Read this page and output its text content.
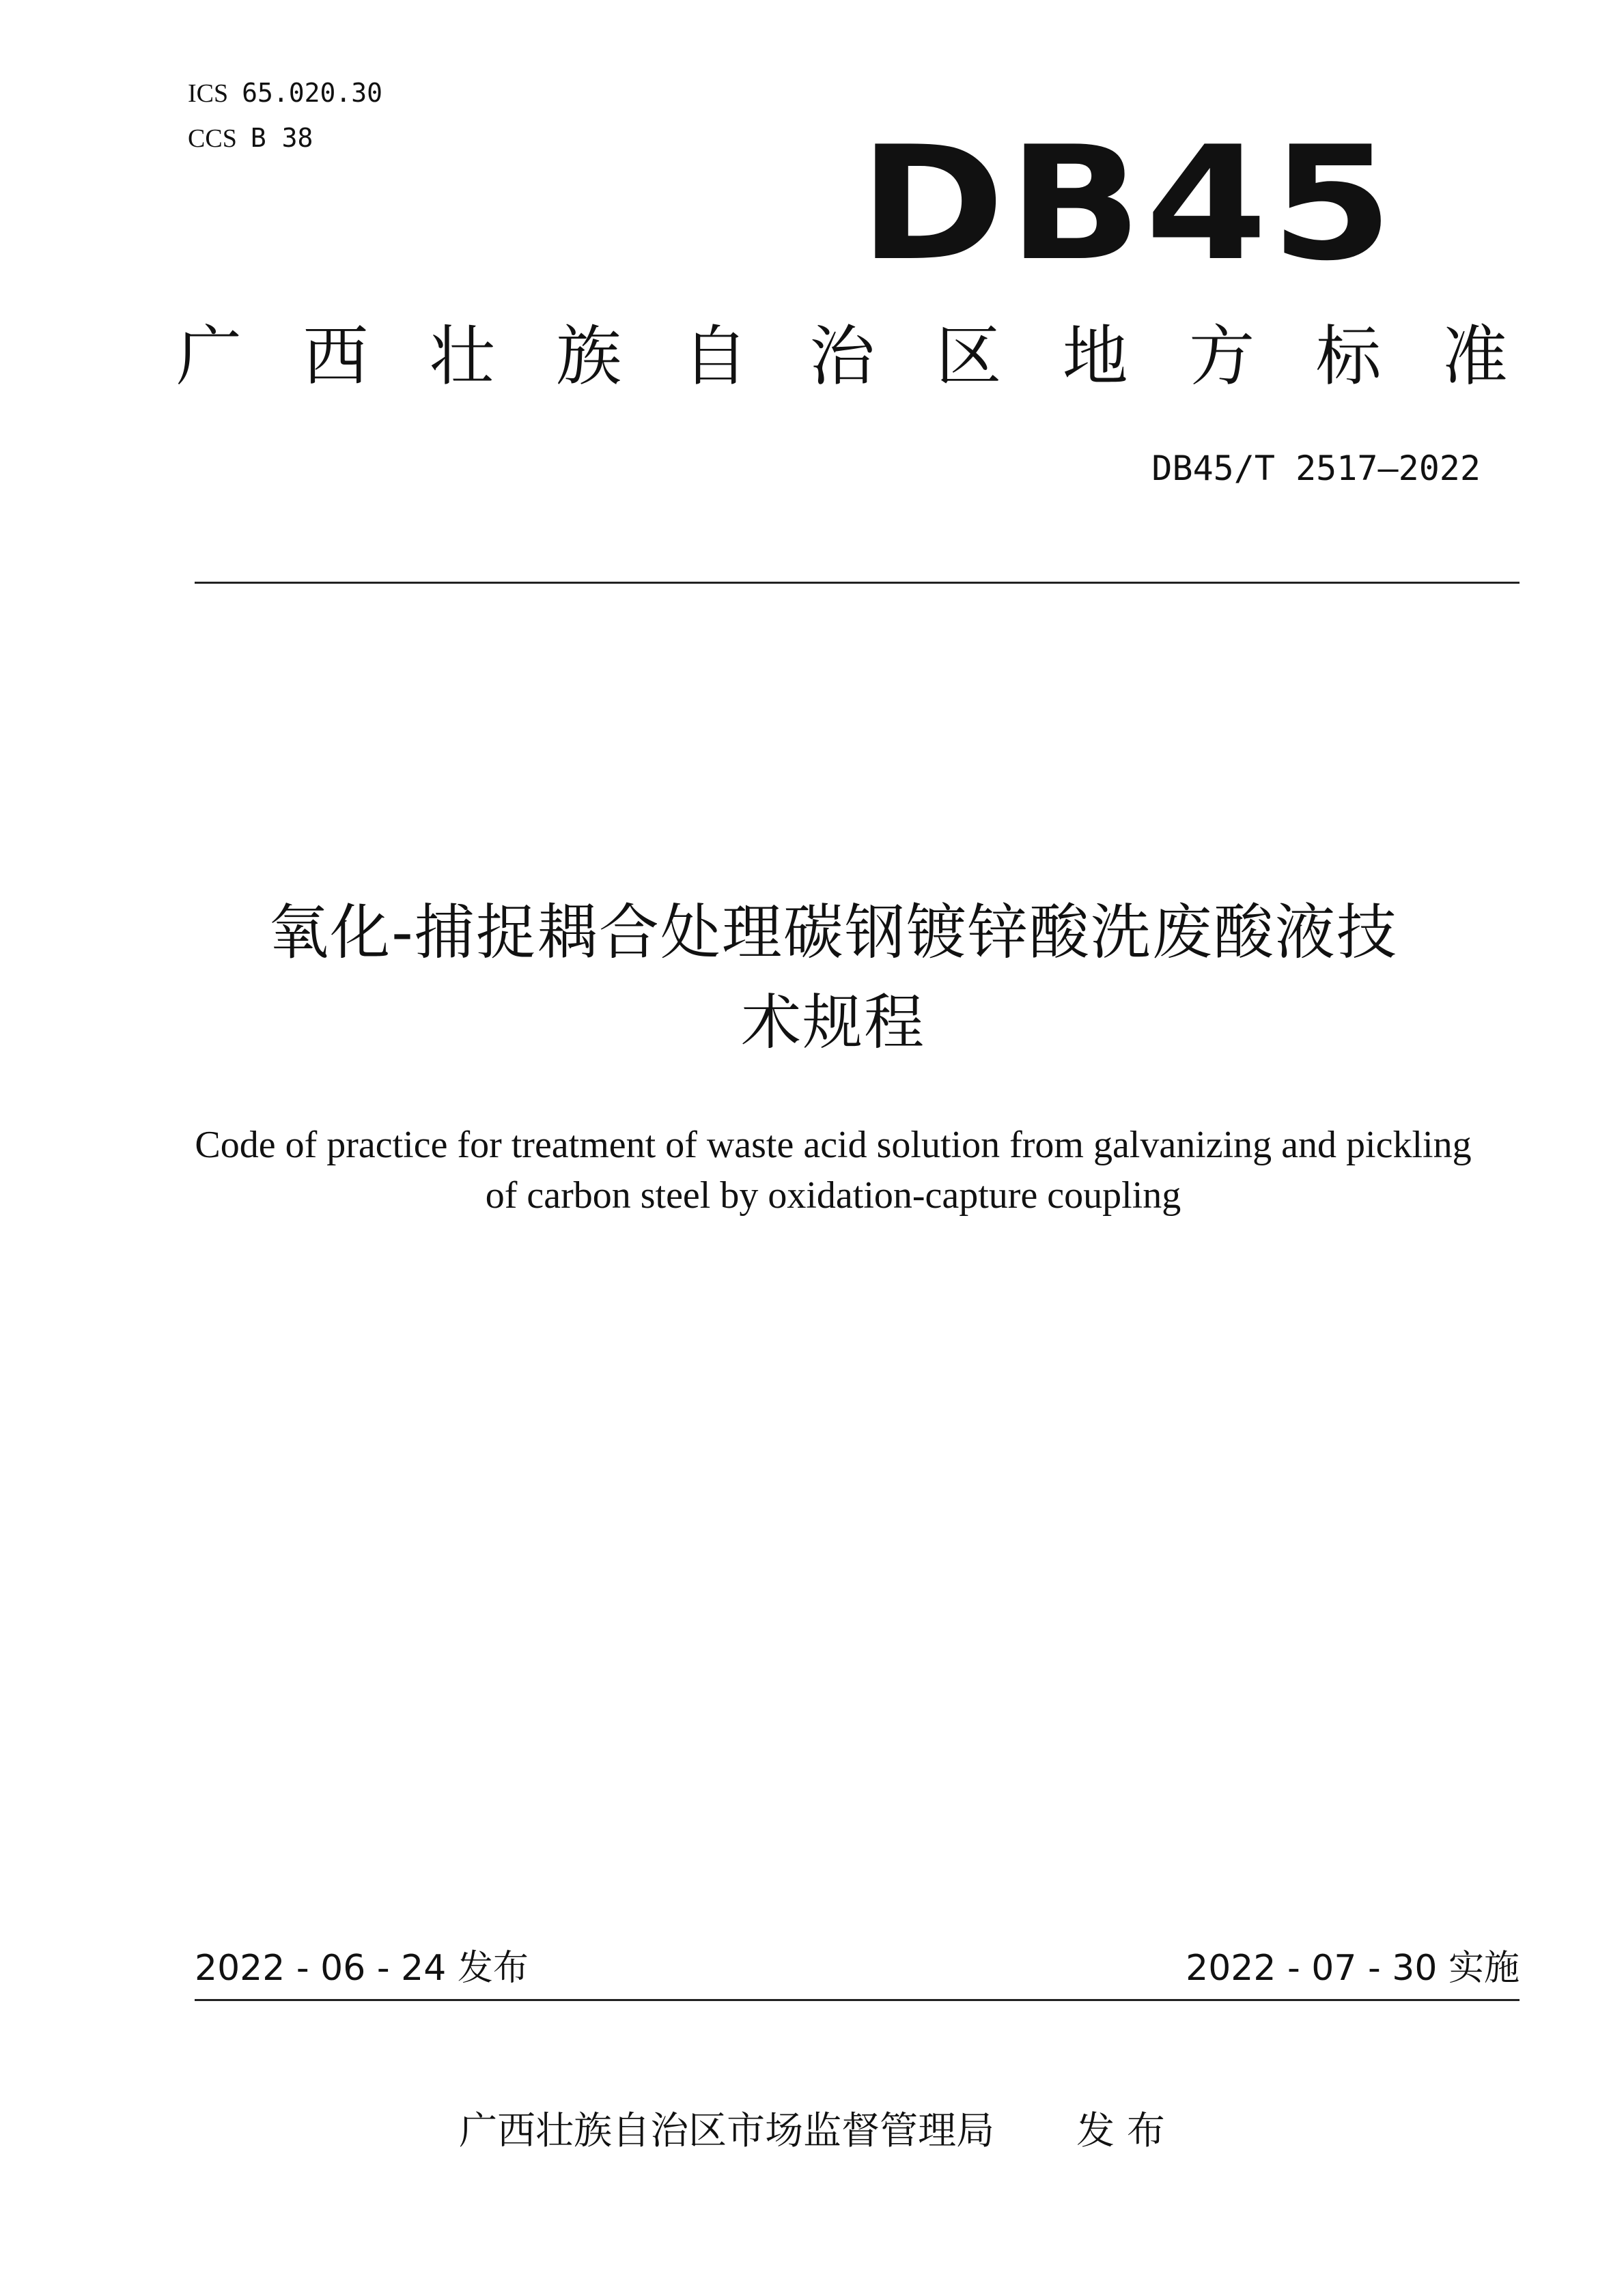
ICS 65.020.30
CCS B 38	DB45
广 西 壮 族 自 治 区 地 方 标 准
DB45/T 2517—2022
氧化-捕捉耦合处理碳钢镀锌酸洗废酸液技
术规程
Code of practice for treatment of waste acid solution from galvanizing and pickling
of carbon steel by oxidation-capture coupling
2022 - 06 - 24 发布	2022 - 07 - 30 实施
广西壮族自治区市场监督管理局 发 布
